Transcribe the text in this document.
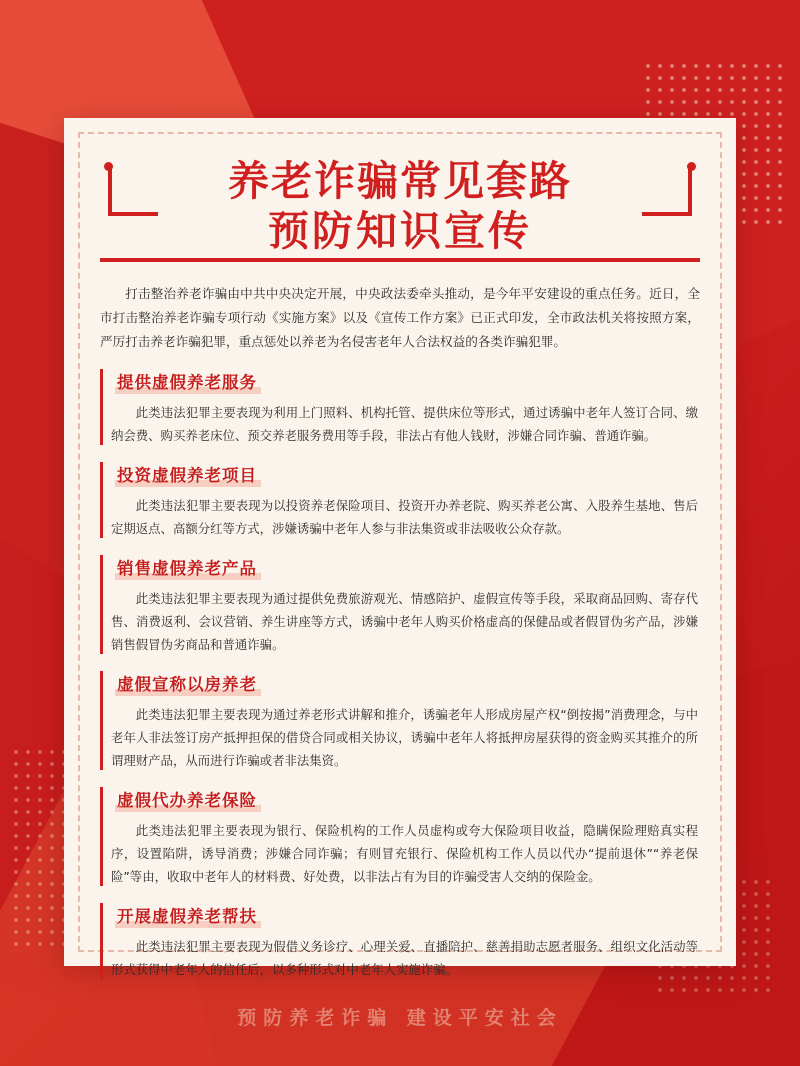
预防养老诈骗 建设平安社会
养老诈骗常见套路
预防知识宣传

打击整治养老诈骗由中共中央决定开展，中央政法委牵头推动，是今年平安建设的重点任务。近日，全市打击整治养老诈骗专项行动《实施方案》以及《宣传工作方案》已正式印发，全市政法机关将按照方案，严厉打击养老诈骗犯罪，重点惩处以养老为名侵害老年人合法权益的各类诈骗犯罪。

提供虚假养老服务

此类违法犯罪主要表现为利用上门照料、机构托管、提供床位等形式，通过诱骗中老年人签订合同、缴纳会费、购买养老床位、预交养老服务费用等手段，非法占有他人钱财，涉嫌合同诈骗、普通诈骗。

投资虚假养老项目

此类违法犯罪主要表现为以投资养老保险项目、投资开办养老院、购买养老公寓、入股养生基地、售后定期返点、高额分红等方式，涉嫌诱骗中老年人参与非法集资或非法吸收公众存款。

销售虚假养老产品

此类违法犯罪主要表现为通过提供免费旅游观光、情感陪护、虚假宣传等手段，采取商品回购、寄存代售、消费返利、会议营销、养生讲座等方式，诱骗中老年人购买价格虚高的保健品或者假冒伪劣产品，涉嫌销售假冒伪劣商品和普通诈骗。

虚假宣称以房养老

此类违法犯罪主要表现为通过养老形式讲解和推介，诱骗老年人形成房屋产权“倒按揭”消费理念，与中老年人非法签订房产抵押担保的借贷合同或相关协议，诱骗中老年人将抵押房屋获得的资金购买其推介的所谓理财产品，从而进行诈骗或者非法集资。

虚假代办养老保险

此类违法犯罪主要表现为银行、保险机构的工作人员虚构或夸大保险项目收益，隐瞒保险理赔真实程序，设置陷阱，诱导消费；涉嫌合同诈骗；有则冒充银行、保险机构工作人员以代办“提前退休”“养老保险”等由，收取中老年人的材料费、好处费，以非法占有为目的诈骗受害人交纳的保险金。

开展虚假养老帮扶

此类违法犯罪主要表现为假借义务诊疗、心理关爱、直播陪护、慈善捐助志愿者服务、组织文化活动等形式获得中老年人的信任后，以多种形式对中老年人实施诈骗。
